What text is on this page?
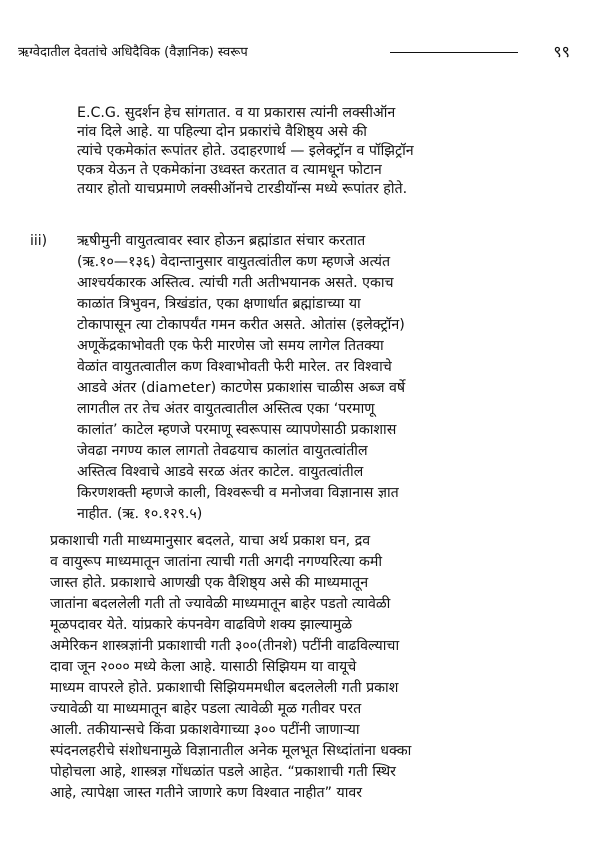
ऋग्वेदातील देवतांचे अधिदैविक (वैज्ञानिक) स्वरूप	९९

E.C.G. सुदर्शन हेच सांगतात. व या प्रकारास त्यांनी लक्सीऑन

नांव दिले आहे. या पहिल्या दोन प्रकारांचे वैशिष्ठ्य असे की

त्यांचे एकमेकांत रूपांतर होते. उदाहरणार्थ — इलेक्ट्रॉन व पॉझिट्रॉन

एकत्र येऊन ते एकमेकांना उध्वस्त करतात व त्यामधून फोटान

तयार होतो याचप्रमाणे लक्सीऑनचे टारडीयॉन्स मध्ये रूपांतर होते.

iii) ऋषीमुनी वायुतत्वावर स्वार होऊन ब्रह्मांडात संचार करतात

(ऋ.१०—१३६) वेदान्तानुसार वायुतत्वांतील कण म्हणजे अत्यंत

आश्चर्यकारक अस्तित्व. त्यांची गती अतीभयानक असते. एकाच

काळांत त्रिभुवन, त्रिखंडांत, एका क्षणार्धात ब्रह्मांडाच्या या

टोकापासून त्या टोकापर्यंत गमन करीत असते. ओतांस (इलेक्ट्रॉन)

अणूकेंद्रकाभोवती एक फेरी मारणेस जो समय लागेल तितक्या

वेळांत वायुतत्वातील कण विश्वाभोवती फेरी मारेल. तर विश्वाचे

आडवे अंतर (diameter) काटणेस प्रकाशांस चाळीस अब्ज वर्षे

लागतील तर तेच अंतर वायुतत्वातील अस्तित्व एका ‘परमाणू

कालांत’ काटेल म्हणजे परमाणू स्वरूपास व्यापणेसाठी प्रकाशास

जेवढा नगण्य काल लागतो तेवढयाच कालांत वायुतत्वांतील

अस्तित्व विश्वाचे आडवे सरळ अंतर काटेल. वायुतत्वांतील

किरणशक्ती म्हणजे काली, विश्वरूची व मनोजवा विज्ञानास ज्ञात

नाहीत. (ऋ. १०.१२९.५)

प्रकाशाची गती माध्यमानुसार बदलते, याचा अर्थ प्रकाश घन, द्रव

व वायुरूप माध्यमातून जातांना त्याची गती अगदी नगण्यरित्या कमी

जास्त होते. प्रकाशाचे आणखी एक वैशिष्ठ्य असे की माध्यमातून

जातांना बदललेली गती तो ज्यावेळी माध्यमातून बाहेर पडतो त्यावेळी

मूळपदावर येते. यांप्रकारे कंपनवेग वाढविणे शक्य झाल्यामुळे

अमेरिकन शास्त्रज्ञांनी प्रकाशाची गती ३००(तीनशे) पटींनी वाढविल्याचा

दावा जून २००० मध्ये केला आहे. यासाठी सिझियम या वायूचे

माध्यम वापरले होते. प्रकाशाची सिझियममधील बदललेली गती प्रकाश

ज्यावेळी या माध्यमातून बाहेर पडला त्यावेळी मूळ गतीवर परत

आली. तकीयान्सचे किंवा प्रकाशवेगाच्या ३०० पटींनी जाणाऱ्या

स्पंदनलहरीचे संशोधनामुळे विज्ञानातील अनेक मूलभूत सिध्दांतांना धक्का

पोहोचला आहे, शास्त्रज्ञ गोंधळांत पडले आहेत. “प्रकाशाची गती स्थिर

आहे, त्यापेक्षा जास्त गतीने जाणारे कण विश्वात नाहीत” यावर
